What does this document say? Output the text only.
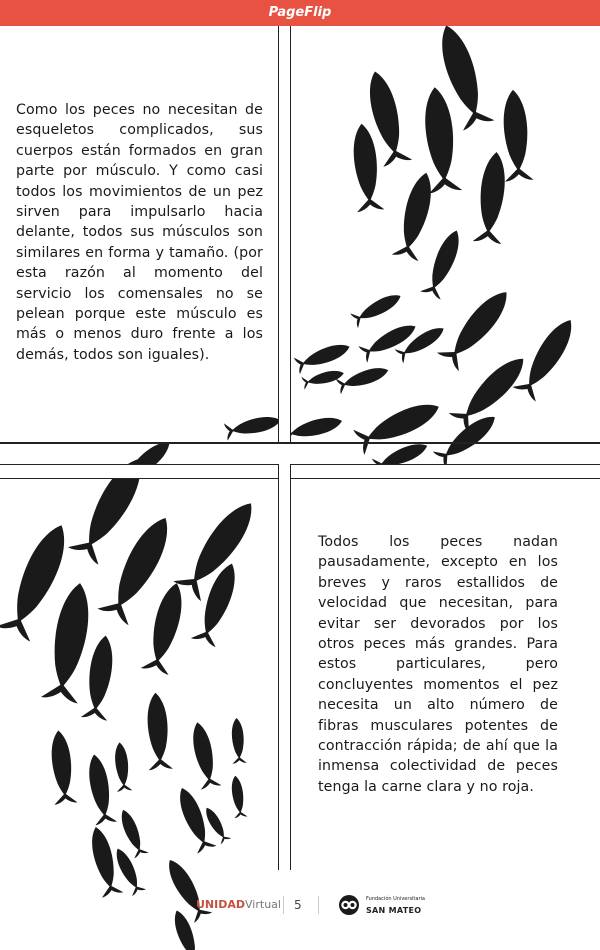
PageFlip

Como los peces no necesitan de esqueletos complicados, sus cuerpos están formados en gran parte por músculo. Y como casi todos los movimientos de un pez sirven para impulsarlo hacia delante, todos sus músculos son similares en forma y tamaño. (por esta razón al momento del servicio los comensales no se pelean porque este músculo es más o menos duro frente a los demás, todos son iguales).

Todos los peces nadan pausadamente, excepto en los breves y raros estallidos de velocidad que necesitan, para evitar ser devorados por los otros peces más grandes. Para estos particulares, pero concluyentes momentos el pez necesita un alto número de fibras musculares potentes de contracción rápida; de ahí que la inmensa colectividad de peces tenga la carne clara y no roja.

UNIDADVirtual 5	Fundación Universitaria
SAN MATEO
